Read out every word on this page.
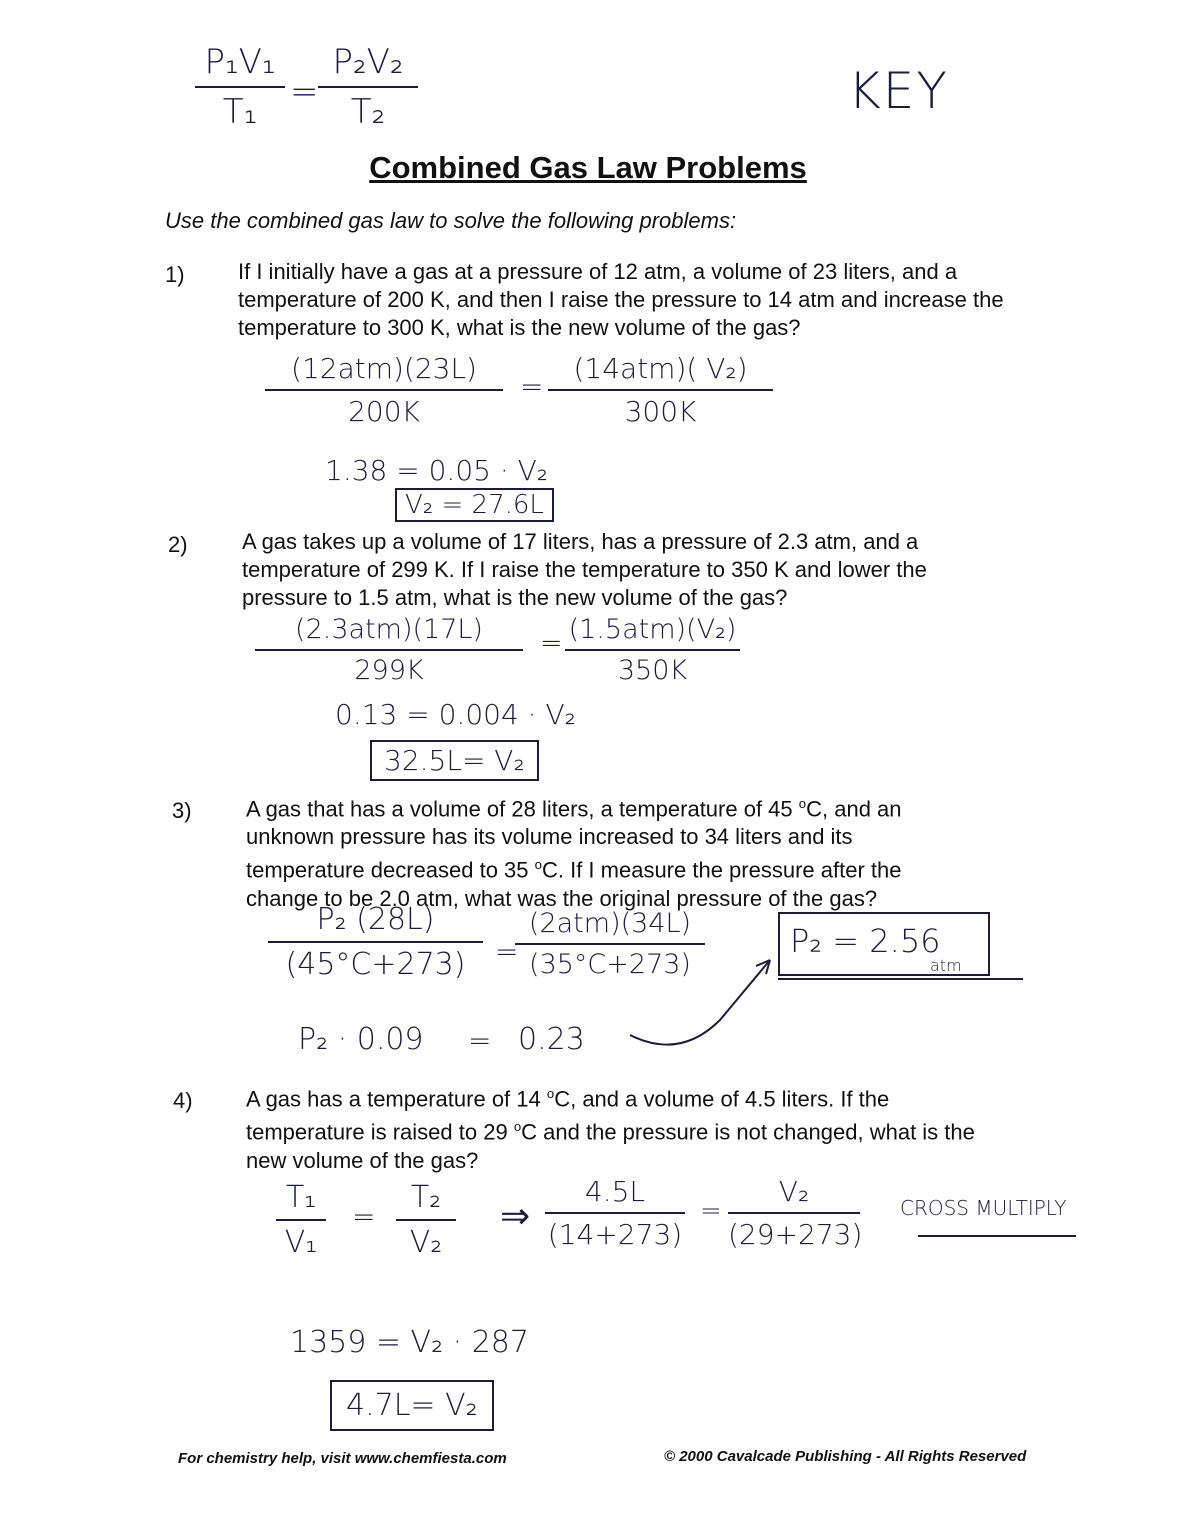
P₁V₁
T₁ =
P₂V₂
T₂	KEY
Combined Gas Law Problems
Use the combined gas law to solve the following problems:
1) If I initially have a gas at a pressure of 12 atm, a volume of 23 liters, and a temperature of 200 K, and then I raise the pressure to 14 atm and increase the temperature to 300 K, what is the new volume of the gas?
(12atm)(23L)
200K
=
(14atm)( V₂)
300K
1.38 = 0.05 · V₂
V₂ = 27.6L
2) A gas takes up a volume of 17 liters, has a pressure of 2.3 atm, and a temperature of 299 K. If I raise the temperature to 350 K and lower the pressure to 1.5 atm, what is the new volume of the gas?
(2.3atm)(17L)
299K
= (1.5atm)(V₂)
350K
0.13 = 0.004 · V₂
32.5L= V₂
3) A gas that has a volume of 28 liters, a temperature of 45 $^o$C, and an unknown pressure has its volume increased to 34 liters and its temperature decreased to 35 $^o$C. If I measure the pressure after the change to be 2.0 atm, what was the original pressure of the gas?
P₂ (28L)
(45°C+273)	=
(2atm)(34L)
(35°C+273)
P₂ · 0.09 = 0.23
P₂ = 2.56
atm
4) A gas has a temperature of 14 $^o$C, and a volume of 4.5 liters. If the temperature is raised to 29 $^o$C and the pressure is not changed, what is the new volume of the gas?
T₁
V₁
=
T₂
V₂
⇒
4.5L
(14+273)
=
V₂
(29+273)
CROSS MULTIPLY
1359 = V₂ · 287
4.7L= V₂
For chemistry help, visit www.chemfiesta.com	© 2000 Cavalcade Publishing - All Rights Reserved
